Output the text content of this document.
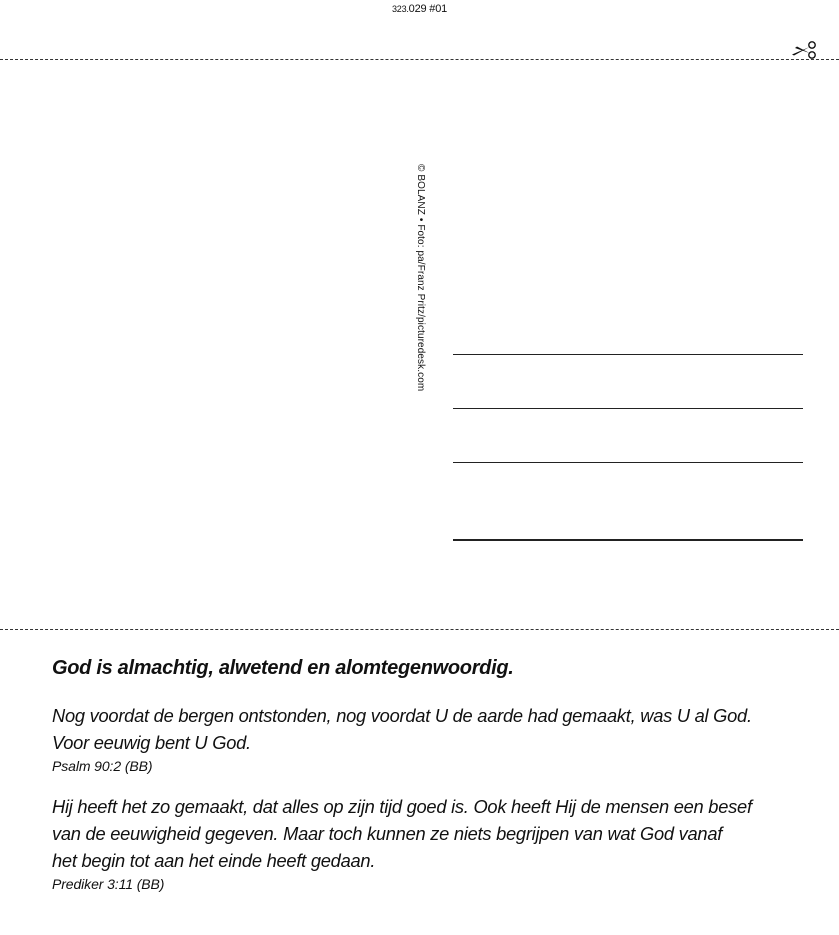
323.029 #01
© BOLANZ • Foto: pa/Franz Pritz/picturedesk.com
God is almachtig, alwetend en alomtegenwoordig.
Nog voordat de bergen ontstonden, nog voordat U de aarde had gemaakt, was U al God.
Voor eeuwig bent U God.
Psalm 90:2 (BB)
Hij heeft het zo gemaakt, dat alles op zijn tijd goed is. Ook heeft Hij de mensen een besef
van de eeuwigheid gegeven. Maar toch kunnen ze niets begrijpen van wat God vanaf
het begin tot aan het einde heeft gedaan.
Prediker 3:11 (BB)
